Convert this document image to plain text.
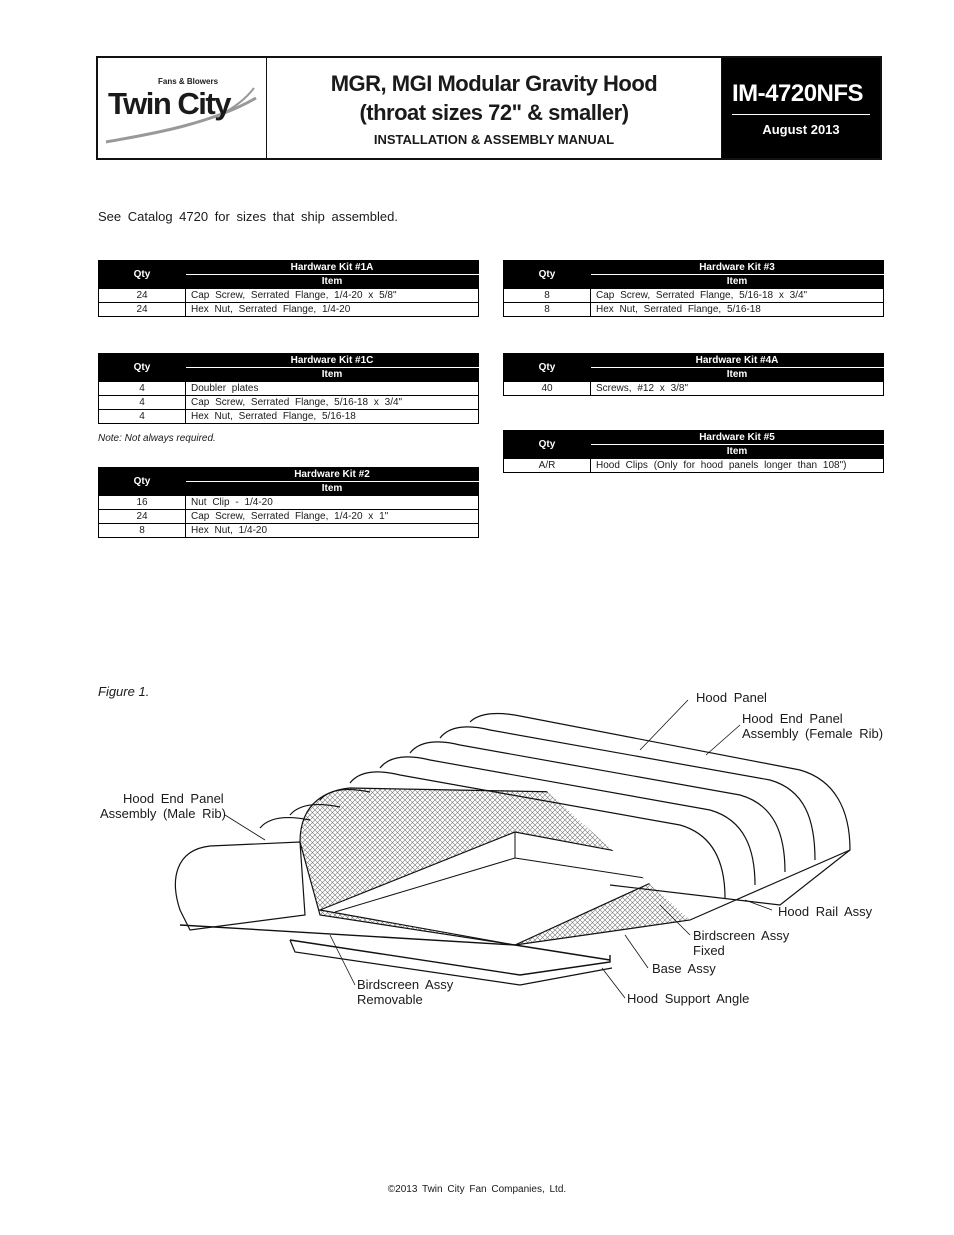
Fans & Blowers
Twin City
MGR, MGI Modular Gravity Hood
(throat sizes 72" & smaller)
INSTALLATION & ASSEMBLY MANUAL
IM-4720NFS
August 2013
See Catalog 4720 for sizes that ship assembled.
Qty	Hardware Kit #1A
	Item
24	Cap Screw, Serrated Flange, 1/4-20 x 5/8"
24	Hex Nut, Serrated Flange, 1/4-20
Qty	Hardware Kit #3
	Item
8	Cap Screw, Serrated Flange, 5/16-18 x 3/4"
8	Hex Nut, Serrated Flange, 5/16-18
Qty	Hardware Kit #1C
	Item
4	Doubler plates
4	Cap Screw, Serrated Flange, 5/16-18 x 3/4"
4	Hex Nut, Serrated Flange, 5/16-18
Note: Not always required.
Qty	Hardware Kit #4A
	Item
40	Screws, #12 x 3/8"
Qty	Hardware Kit #5
	Item
A/R	Hood Clips (Only for hood panels longer than 108")
Qty	Hardware Kit #2
	Item
16	Nut Clip - 1/4-20
24	Cap Screw, Serrated Flange, 1/4-20 x 1"
8	Hex Nut, 1/4-20
Figure 1.	Hood Panel
Hood End Panel
Assembly (Female Rib)
Hood End Panel
Assembly (Male Rib)
Hood Rail Assy
Birdscreen Assy
Fixed
Base Assy
Birdscreen Assy
Removable	Hood Support Angle
©2013 Twin City Fan Companies, Ltd.
